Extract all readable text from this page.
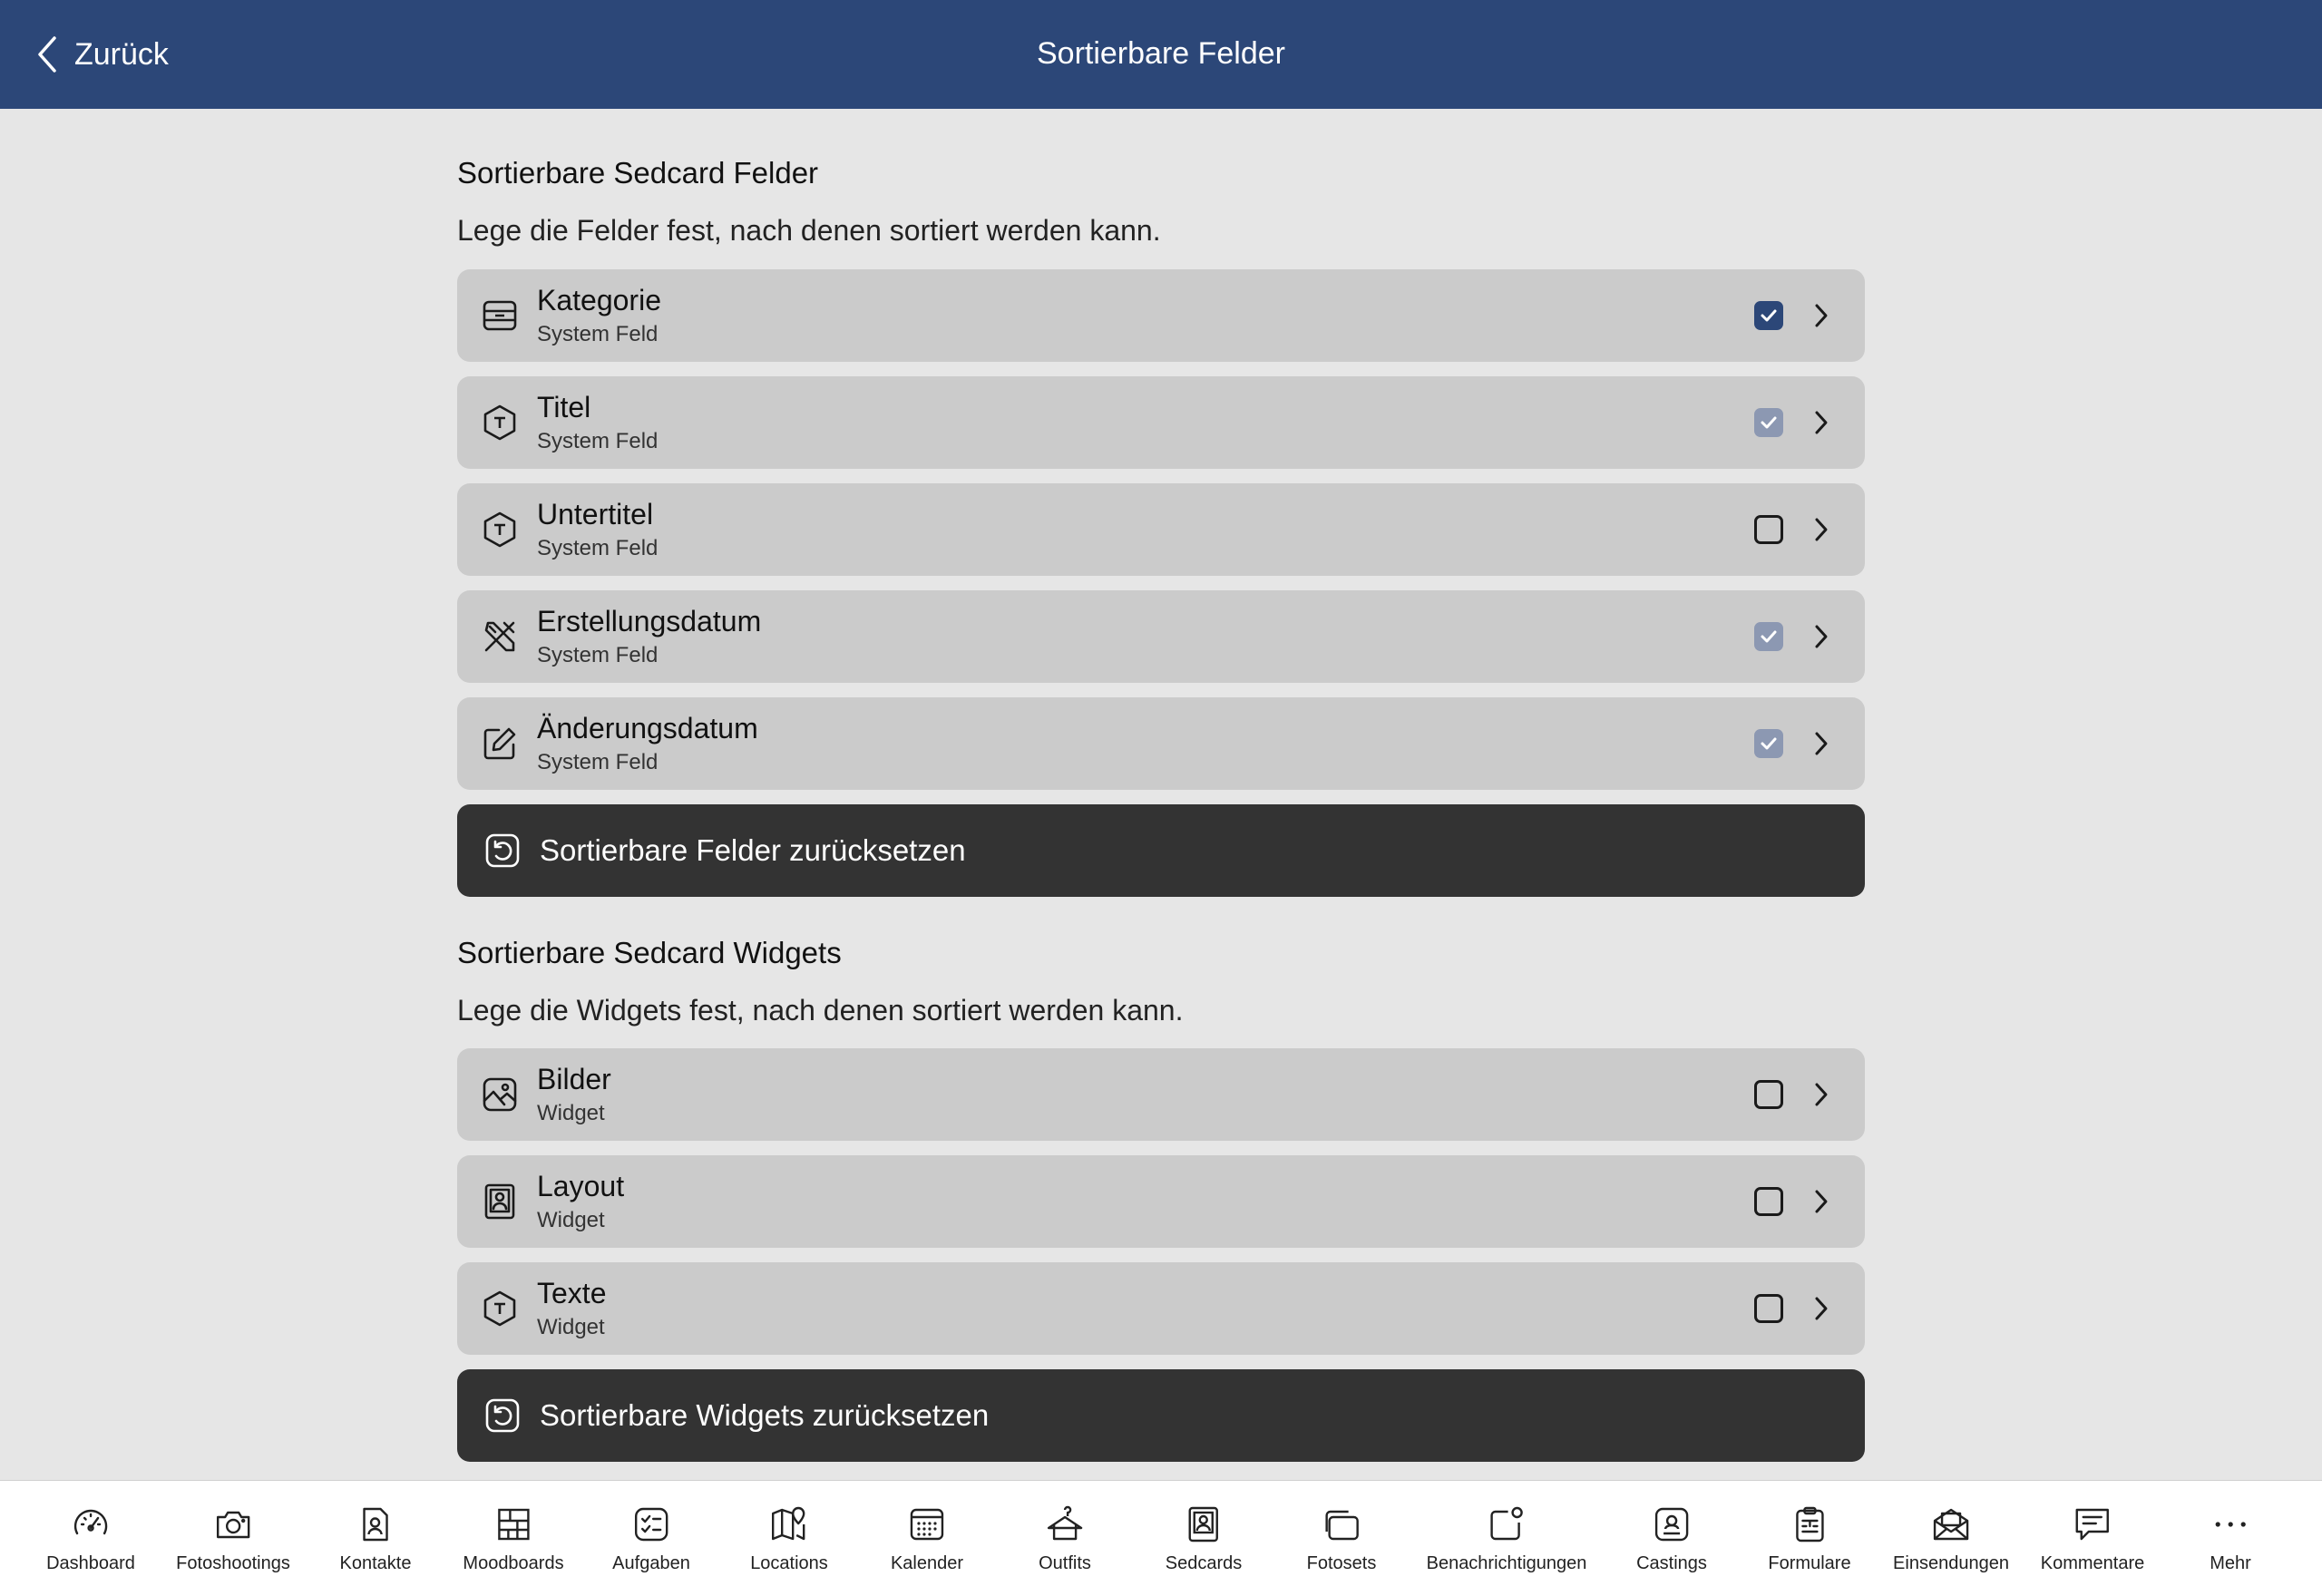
Zurück	Sortierbare Felder
Sortierbare Sedcard Felder
Lege die Felder fest, nach denen sortiert werden kann.
Kategorie
System Feld
Titel
System Feld
Untertitel
System Feld
Erstellungsdatum
System Feld
Änderungsdatum
System Feld
Sortierbare Felder zurücksetzen
Sortierbare Sedcard Widgets
Lege die Widgets fest, nach denen sortiert werden kann.
Bilder
Widget
Layout
Widget
Texte
Widget
Sortierbare Widgets zurücksetzen
Dashboard Fotoshootings	Kontakte	Moodboards	Aufgaben	Locations	Kalender	Outfits	Sedcards	Fotosets	Benachrichtigungen	Castings	Formulare Einsendungen Kommentare	Mehr
